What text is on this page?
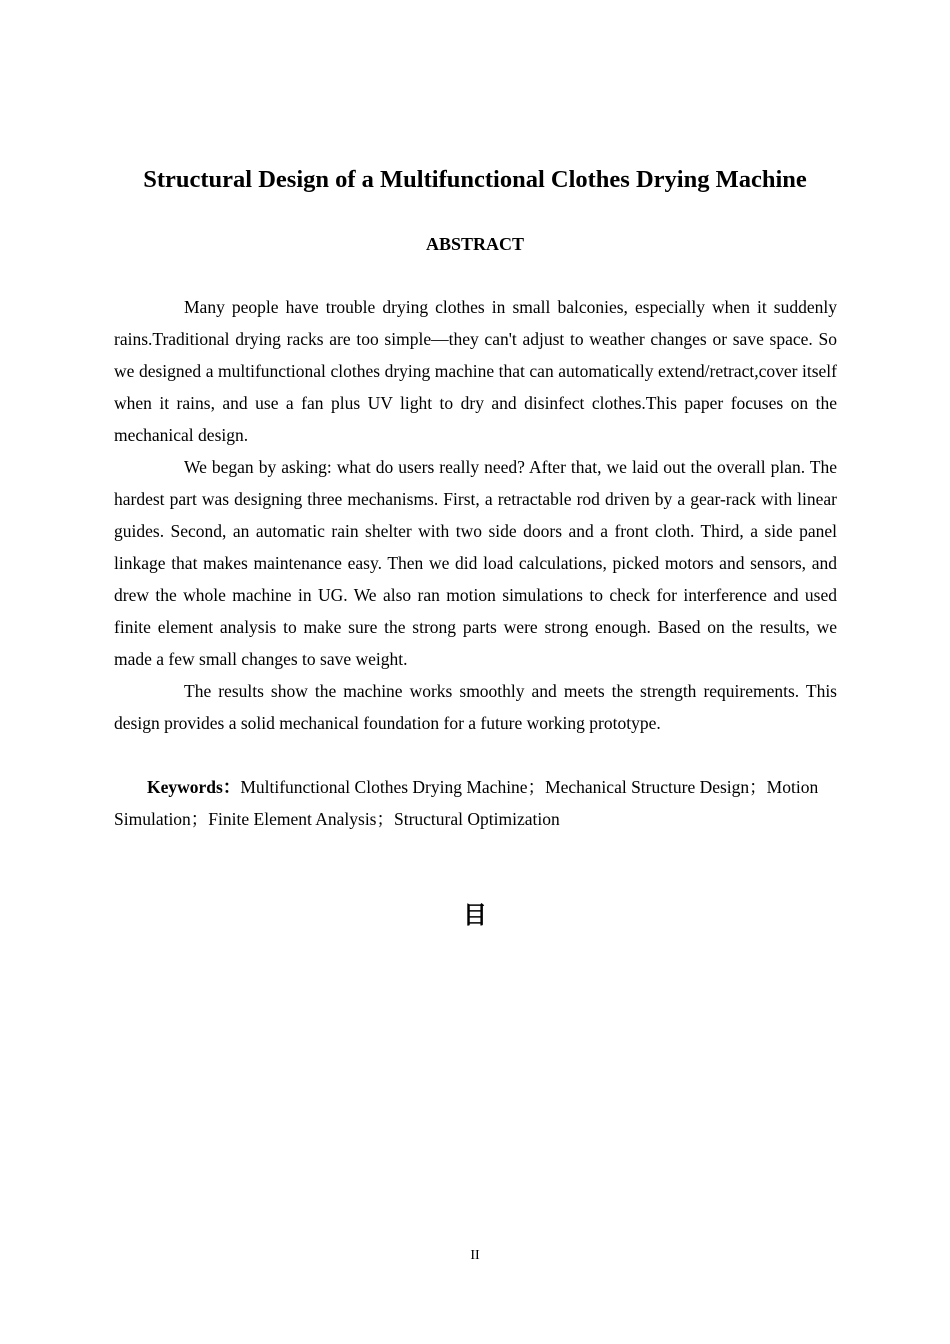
Structural Design of a Multifunctional Clothes Drying Machine
ABSTRACT

Many people have trouble drying clothes in small balconies, especially when it suddenly rains.Traditional drying racks are too simple—they can't adjust to weather changes or save space. So we designed a multifunctional clothes drying machine that can automatically extend/retract,cover itself when it rains, and use a fan plus UV light to dry and disinfect clothes.This paper focuses on the mechanical design.

We began by asking: what do users really need? After that, we laid out the overall plan. The hardest part was designing three mechanisms. First, a retractable rod driven by a gear-rack with linear guides. Second, an automatic rain shelter with two side doors and a front cloth. Third, a side panel linkage that makes maintenance easy. Then we did load calculations, picked motors and sensors, and drew the whole machine in UG. We also ran motion simulations to check for interference and used finite element analysis to make sure the strong parts were strong enough. Based on the results, we made a few small changes to save weight.

The results show the machine works smoothly and meets the strength requirements. This design provides a solid mechanical foundation for a future working prototype.

Keywords：Multifunctional Clothes Drying Machine；Mechanical Structure Design；Motion Simulation；Finite Element Analysis；Structural Optimization
目
II
